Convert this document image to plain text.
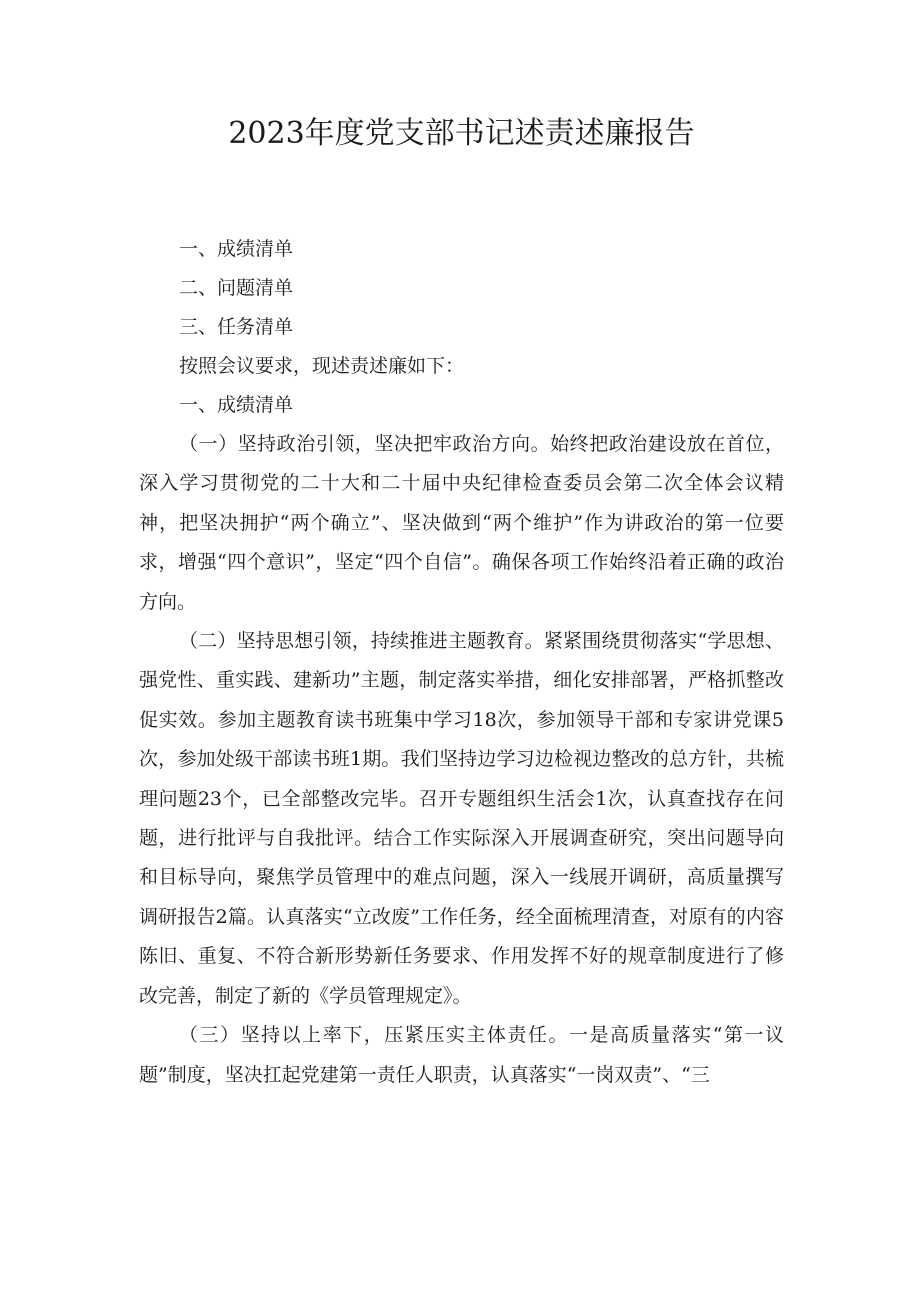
2023年度党支部书记述责述廉报告
一、成绩清单
二、问题清单
三、任务清单
按照会议要求，现述责述廉如下：
一、成绩清单

（一）坚持政治引领，坚决把牢政治方向。始终把政治建设放在首位，深入学习贯彻党的二十大和二十届中央纪律检查委员会第二次全体会议精神，把坚决拥护“两个确立”、坚决做到“两个维护”作为讲政治的第一位要求，增强“四个意识”，坚定“四个自信”。确保各项工作始终沿着正确的政治方向。

（二）坚持思想引领，持续推进主题教育。紧紧围绕贯彻落实“学思想、强党性、重实践、建新功”主题，制定落实举措，细化安排部署，严格抓整改促实效。参加主题教育读书班集中学习18次，参加领导干部和专家讲党课5次，参加处级干部读书班1期。我们坚持边学习边检视边整改的总方针，共梳理问题23个，已全部整改完毕。召开专题组织生活会1次，认真查找存在问题，进行批评与自我批评。结合工作实际深入开展调查研究，突出问题导向和目标导向，聚焦学员管理中的难点问题，深入一线展开调研，高质量撰写调研报告2篇。认真落实“立改废”工作任务，经全面梳理清查，对原有的内容陈旧、重复、不符合新形势新任务要求、作用发挥不好的规章制度进行了修改完善，制定了新的《学员管理规定》。

（三）坚持以上率下，压紧压实主体责任。一是高质量落实“第一议题”制度，坚决扛起党建第一责任人职责，认真落实“一岗双责”、“三
